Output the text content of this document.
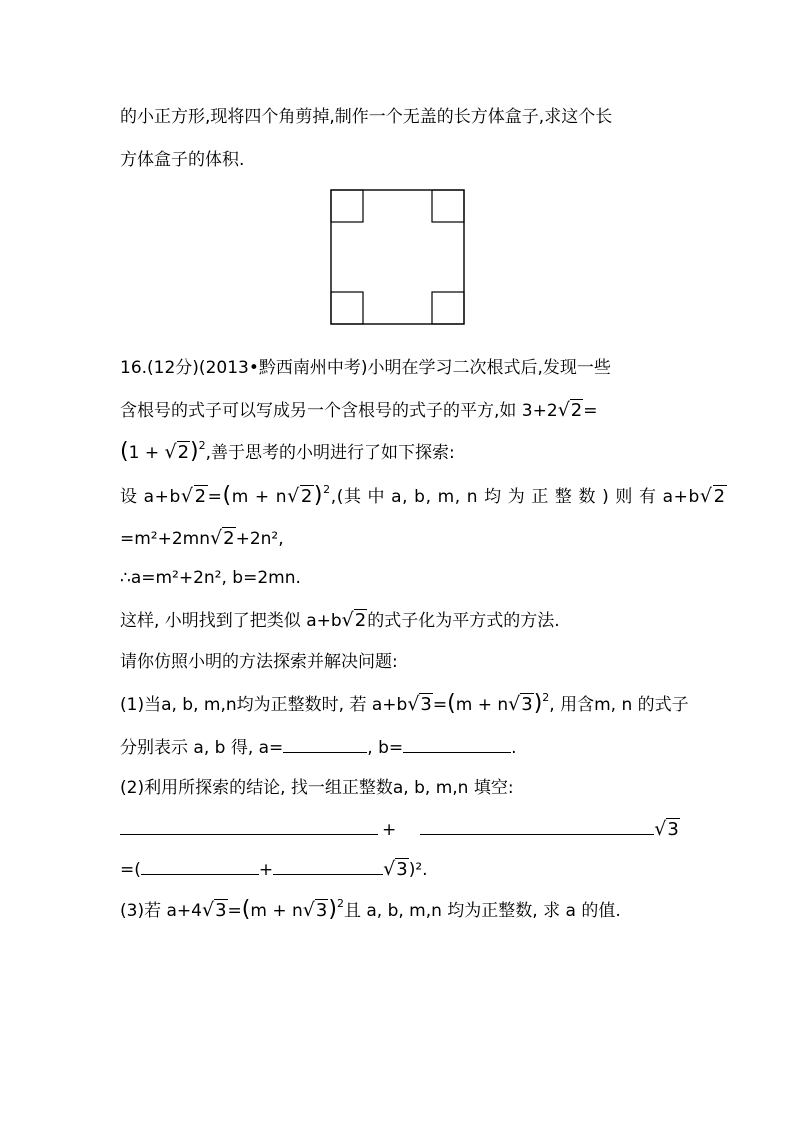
的小正方形,现将四个角剪掉,制作一个无盖的长方体盒子,求这个长
方体盒子的体积.
16.(12分)(2013•黔西南州中考)小明在学习二次根式后,发现一些
含根号的式子可以写成另一个含根号的式子的平方,如 3+2√2=
$(1 + √2)^2$,善于思考的小明进行了如下探索:
设 $a+b√2=(m + n√2)^2$,(其 中 a, b, m, n 均 为 正 整 数 ) 则 有 a+b√2
=m²+2mn√2+2n²,
∴a=m²+2n², b=2mn.
这样, 小明找到了把类似 a+b√2的式子化为平方式的方法.
请你仿照小明的方法探索并解决问题:
(1)当a, b, m,n均为正整数时, 若 $a+b√3=(m + n√3)^2$, 用含m, n 的式子
分别表示 a, b 得, a=	, b=	.
(2)利用所探索的结论, 找一组正整数a, b, m,n 填空:
+	√3
=(	+	√3)².
(3)若 $a+4√3=(m + n√3)^2$且 a, b, m,n 均为正整数, 求 a 的值.
